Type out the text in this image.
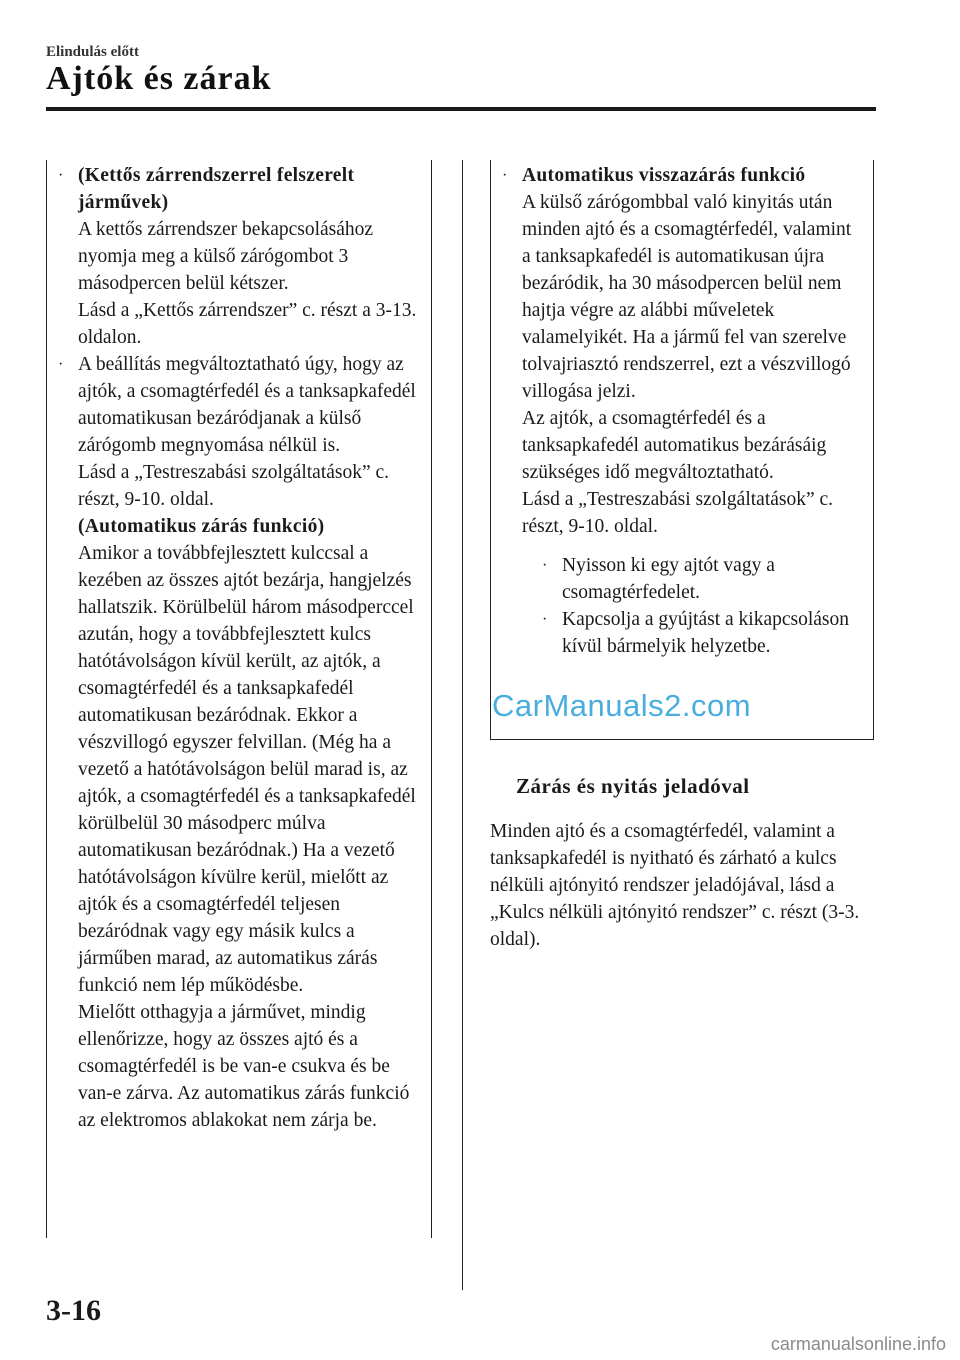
Elindulás előtt
Ajtók és zárak
· (Kettős zárrendszerrel felszerelt járművek)
A kettős zárrendszer bekapcsolásához nyomja meg a külső zárógombot 3 másodpercen belül kétszer.
Lásd a „Kettős zárrendszer” c. részt a 3-13. oldalon.
· A beállítás megváltoztatható úgy, hogy az ajtók, a csomagtérfedél és a tanksapkafedél automatikusan bezáródjanak a külső zárógomb megnyomása nélkül is.
Lásd a „Testreszabási szolgáltatások” c. részt, 9-10. oldal.
(Automatikus zárás funkció)
Amikor a továbbfejlesztett kulccsal a kezében az összes ajtót bezárja, hangjelzés hallatszik. Körülbelül három másodperccel azután, hogy a továbbfejlesztett kulcs hatótávolságon kívül került, az ajtók, a csomagtérfedél és a tanksapkafedél automatikusan bezáródnak. Ekkor a vészvillogó egyszer felvillan. (Még ha a vezető a hatótávolságon belül marad is, az ajtók, a csomagtérfedél és a tanksapkafedél körülbelül 30 másodperc múlva automatikusan bezáródnak.) Ha a vezető hatótávolságon kívülre kerül, mielőtt az ajtók és a csomagtérfedél teljesen bezáródnak vagy egy másik kulcs a járműben marad, az automatikus zárás funkció nem lép működésbe.
Mielőtt otthagyja a járművet, mindig ellenőrizze, hogy az összes ajtó és a csomagtérfedél is be van-e csukva és be van-e zárva. Az automatikus zárás funkció az elektromos ablakokat nem zárja be.
· Automatikus visszazárás funkció
A külső zárógombbal való kinyitás után minden ajtó és a csomagtérfedél, valamint a tanksapkafedél is automatikusan újra bezáródik, ha 30 másodpercen belül nem hajtja végre az alábbi műveletek valamelyikét. Ha a jármű fel van szerelve tolvajriasztó rendszerrel, ezt a vészvillogó villogása jelzi.
Az ajtók, a csomagtérfedél és a tanksapkafedél automatikus bezárásáig szükséges idő megváltoztatható.
Lásd a „Testreszabási szolgáltatások” c. részt, 9-10. oldal.
· Nyisson ki egy ajtót vagy a csomagtérfedelet.
· Kapcsolja a gyújtást a kikapcsoláson kívül bármelyik helyzetbe.
Zárás és nyitás jeladóval
Minden ajtó és a csomagtérfedél, valamint a tanksapkafedél is nyitható és zárható a kulcs nélküli ajtónyitó rendszer jeladójával, lásd a „Kulcs nélküli ajtónyitó rendszer” c. részt (3-3. oldal).
CarManuals2.com
3-16
carmanualsonline.info
